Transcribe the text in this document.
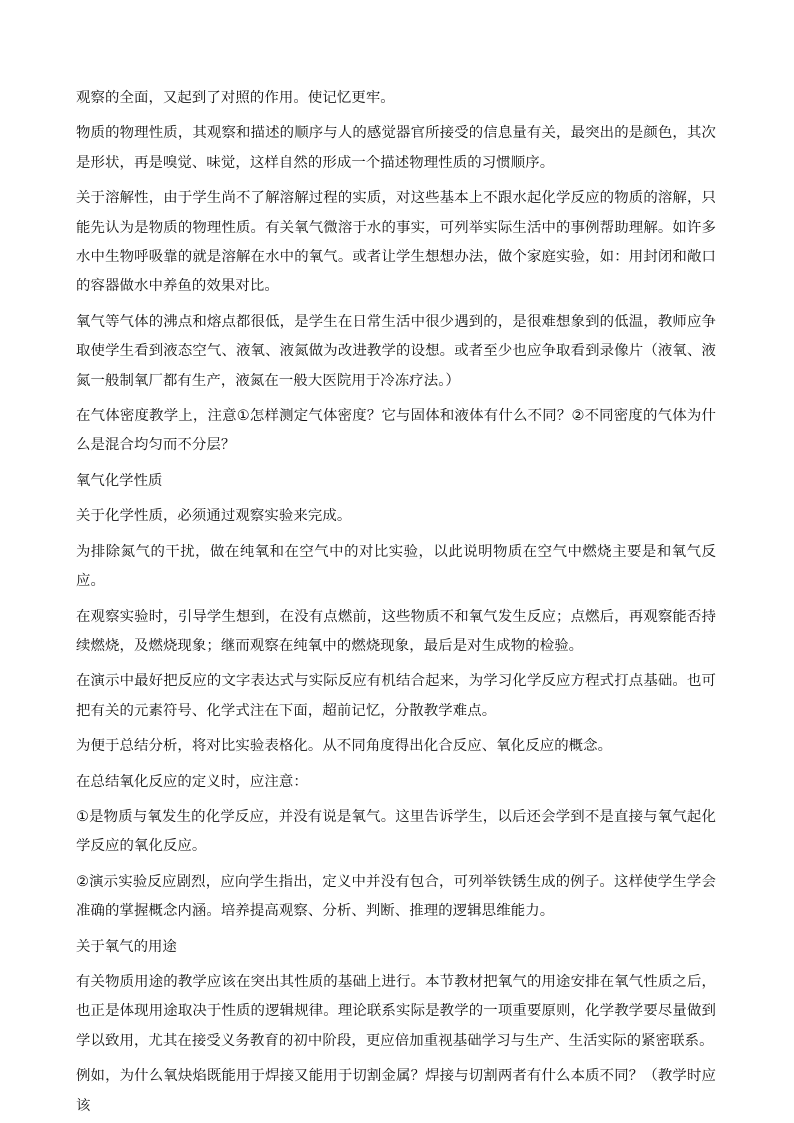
观察的全面，又起到了对照的作用。使记忆更牢。

物质的物理性质，其观察和描述的顺序与人的感觉器官所接受的信息量有关，最突出的是颜色，其次是形状，再是嗅觉、味觉，这样自然的形成一个描述物理性质的习惯顺序。

关于溶解性，由于学生尚不了解溶解过程的实质，对这些基本上不跟水起化学反应的物质的溶解，只能先认为是物质的物理性质。有关氧气微溶于水的事实，可列举实际生活中的事例帮助理解。如许多水中生物呼吸靠的就是溶解在水中的氧气。或者让学生想想办法，做个家庭实验，如：用封闭和敞口的容器做水中养鱼的效果对比。

氧气等气体的沸点和熔点都很低，是学生在日常生活中很少遇到的，是很难想象到的低温，教师应争取使学生看到液态空气、液氧、液氮做为改进教学的设想。或者至少也应争取看到录像片（液氧、液氮一般制氧厂都有生产，液氮在一般大医院用于冷冻疗法。）

在气体密度教学上，注意①怎样测定气体密度？它与固体和液体有什么不同？②不同密度的气体为什么是混合均匀而不分层？

氧气化学性质

关于化学性质，必须通过观察实验来完成。

为排除氮气的干扰，做在纯氧和在空气中的对比实验，以此说明物质在空气中燃烧主要是和氧气反应。

在观察实验时，引导学生想到，在没有点燃前，这些物质不和氧气发生反应；点燃后，再观察能否持续燃烧，及燃烧现象；继而观察在纯氧中的燃烧现象，最后是对生成物的检验。

在演示中最好把反应的文字表达式与实际反应有机结合起来，为学习化学反应方程式打点基础。也可把有关的元素符号、化学式注在下面，超前记忆，分散教学难点。

为便于总结分析，将对比实验表格化。从不同角度得出化合反应、氧化反应的概念。

在总结氧化反应的定义时，应注意：

①是物质与氧发生的化学反应，并没有说是氧气。这里告诉学生，以后还会学到不是直接与氧气起化学反应的氧化反应。

②演示实验反应剧烈，应向学生指出，定义中并没有包合，可列举铁锈生成的例子。这样使学生学会准确的掌握概念内涵。培养提高观察、分析、判断、推理的逻辑思维能力。

关于氧气的用途

有关物质用途的教学应该在突出其性质的基础上进行。本节教材把氧气的用途安排在氧气性质之后，也正是体现用途取决于性质的逻辑规律。理论联系实际是教学的一项重要原则，化学教学要尽量做到学以致用，尤其在接受义务教育的初中阶段，更应倍加重视基础学习与生产、生活实际的紧密联系。

例如，为什么氧炔焰既能用于焊接又能用于切割金属？焊接与切割两者有什么本质不同？（教学时应该
